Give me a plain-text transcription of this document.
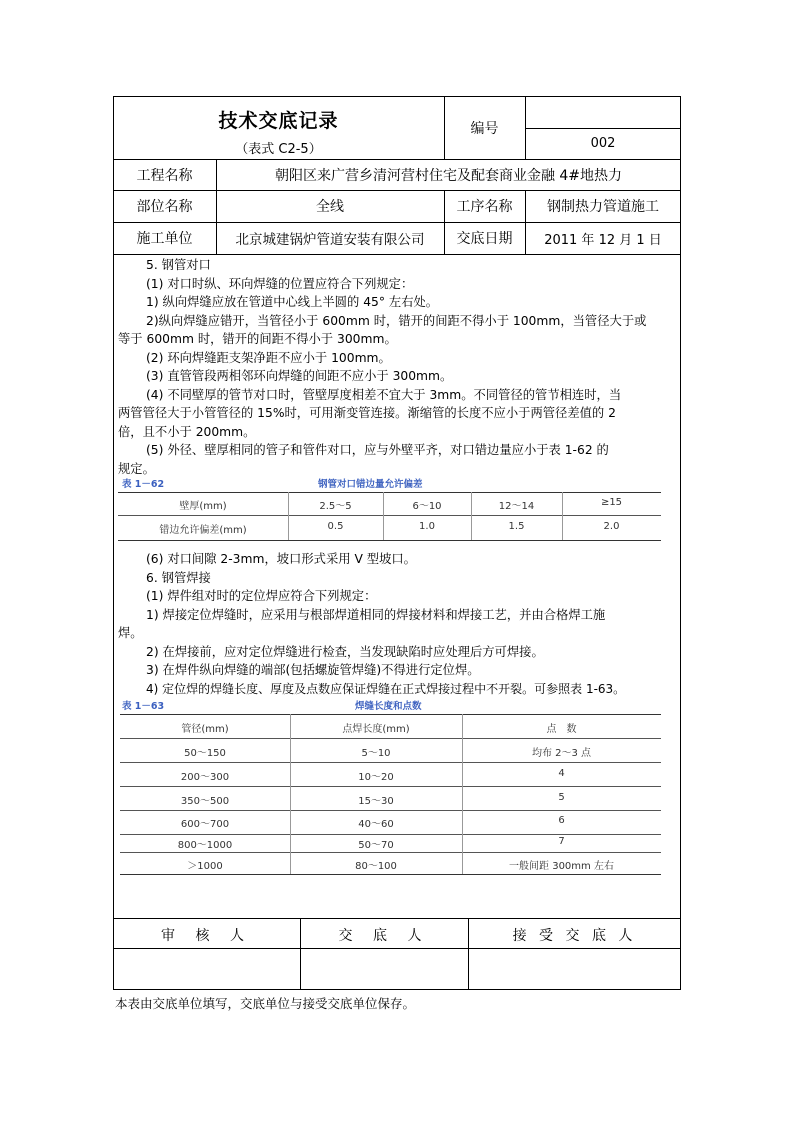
技术交底记录
（表式 C2-5）
编号
002
工程名称	朝阳区来广营乡清河营村住宅及配套商业金融 4#地热力
部位名称	全线	工序名称	钢制热力管道施工
施工单位	北京城建锅炉管道安装有限公司	交底日期	2011 年 12 月 1 日

5. 钢管对口

(1) 对口时纵、环向焊缝的位置应符合下列规定：

1) 纵向焊缝应放在管道中心线上半圆的 45° 左右处。

2)纵向焊缝应错开，当管径小于 600mm 时，错开的间距不得小于 100mm，当管径大于或

等于 600mm 时，错开的间距不得小于 300mm。

(2) 环向焊缝距支架净距不应小于 100mm。

(3) 直管管段两相邻环向焊缝的间距不应小于 300mm。

(4) 不同壁厚的管节对口时，管壁厚度相差不宜大于 3mm。不同管径的管节相连时，当

两管管径大于小管管径的 15%时，可用渐变管连接。渐缩管的长度不应小于两管径差值的 2

倍，且不小于 200mm。

(5) 外径、壁厚相同的管子和管件对口，应与外壁平齐，对口错边量应小于表 1-62 的

规定。

表 1－62	钢管对口错边量允许偏差
壁厚(mm)	2.5～5	6～10	12～14	≥15
错边允许偏差(mm)	0.5	1.0	1.5	2.0

(6) 对口间隙 2-3mm，坡口形式采用 V 型坡口。

6. 钢管焊接

(1) 焊件组对时的定位焊应符合下列规定：

1) 焊接定位焊缝时，应采用与根部焊道相同的焊接材料和焊接工艺，并由合格焊工施

焊。

2) 在焊接前，应对定位焊缝进行检查，当发现缺陷时应处理后方可焊接。

3) 在焊件纵向焊缝的端部(包括螺旋管焊缝)不得进行定位焊。

4) 定位焊的焊缝长度、厚度及点数应保证焊缝在正式焊接过程中不开裂。可参照表 1-63。

表 1－63	焊缝长度和点数
管径(mm)	点焊长度(mm)	点　数
50～150	5～10	均布 2～3 点
200～300	10～20	4
350～500	15～30	5
600～700	40～60	6
800～1000	50～70	7
＞1000	80～100	一般间距 300mm 左右
审 核 人	交 底 人	接 受 交 底 人
本表由交底单位填写，交底单位与接受交底单位保存。
